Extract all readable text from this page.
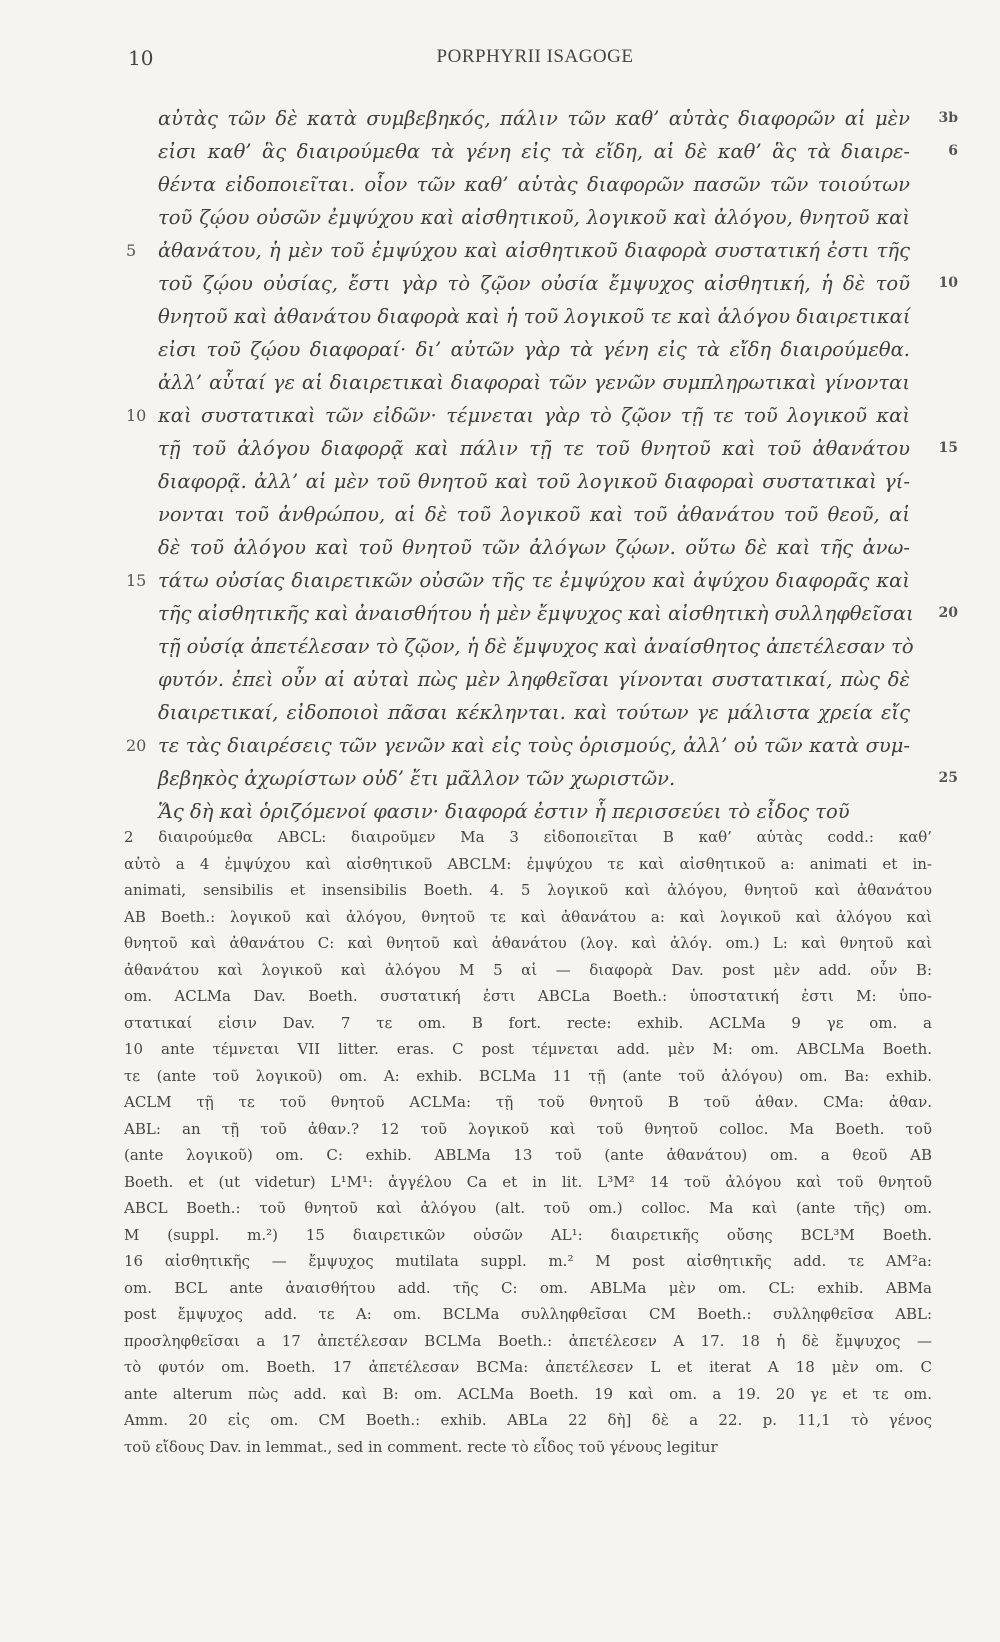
10	PORPHYRII ISAGOGE
αὐτὰς τῶν δὲ κατὰ συμβεβηκός, πάλιν τῶν καθ’ αὑτὰς διαφορῶν αἱ μὲν 3b
εἰσι καθ’ ἃς διαιρούμεθα τὰ γένη εἰς τὰ εἴδη, αἱ δὲ καθ’ ἃς τὰ διαιρε-	6
θέντα εἰδοποιεῖται. οἷον τῶν καθ’ αὑτὰς διαφορῶν πασῶν τῶν τοιούτων
τοῦ ζῴου οὐσῶν ἐμψύχου καὶ αἰσθητικοῦ, λογικοῦ καὶ ἀλόγου, θνητοῦ καὶ
5 ἀθανάτου, ἡ μὲν τοῦ ἐμψύχου καὶ αἰσθητικοῦ διαφορὰ συστατική ἐστι τῆς
τοῦ ζῴου οὐσίας, ἔστι γὰρ τὸ ζῷον οὐσία ἔμψυχος αἰσθητική, ἡ δὲ τοῦ 10
θνητοῦ καὶ ἀθανάτου διαφορὰ καὶ ἡ τοῦ λογικοῦ τε καὶ ἀλόγου διαιρετικαί
εἰσι τοῦ ζῴου διαφοραί· δι’ αὐτῶν γὰρ τὰ γένη εἰς τὰ εἴδη διαιρούμεθα.
ἀλλ’ αὗταί γε αἱ διαιρετικαὶ διαφοραὶ τῶν γενῶν συμπληρωτικαὶ γίνονται
10 καὶ συστατικαὶ τῶν εἰδῶν· τέμνεται γὰρ τὸ ζῷον τῇ τε τοῦ λογικοῦ καὶ
τῇ τοῦ ἀλόγου διαφορᾷ καὶ πάλιν τῇ τε τοῦ θνητοῦ καὶ τοῦ ἀθανάτου 15
διαφορᾷ. ἀλλ’ αἱ μὲν τοῦ θνητοῦ καὶ τοῦ λογικοῦ διαφοραὶ συστατικαὶ γί-
νονται τοῦ ἀνθρώπου, αἱ δὲ τοῦ λογικοῦ καὶ τοῦ ἀθανάτου τοῦ θεοῦ, αἱ
δὲ τοῦ ἀλόγου καὶ τοῦ θνητοῦ τῶν ἀλόγων ζῴων. οὕτω δὲ καὶ τῆς ἀνω-
15 τάτω οὐσίας διαιρετικῶν οὐσῶν τῆς τε ἐμψύχου καὶ ἀψύχου διαφορᾶς καὶ
τῆς αἰσθητικῆς καὶ ἀναισθήτου ἡ μὲν ἔμψυχος καὶ αἰσθητικὴ συλληφθεῖσαι 20
τῇ οὐσίᾳ ἀπετέλεσαν τὸ ζῷον, ἡ δὲ ἔμψυχος καὶ ἀναίσθητος ἀπετέλεσαν τὸ
φυτόν. ἐπεὶ οὖν αἱ αὐταὶ πὼς μὲν ληφθεῖσαι γίνονται συστατικαί, πὼς δὲ
διαιρετικαί, εἰδοποιοὶ πᾶσαι κέκληνται. καὶ τούτων γε μάλιστα χρεία εἴς
20 τε τὰς διαιρέσεις τῶν γενῶν καὶ εἰς τοὺς ὁρισμούς, ἀλλ’ οὐ τῶν κατὰ συμ-
βεβηκὸς ἀχωρίστων οὐδ’ ἔτι μᾶλλον τῶν χωριστῶν.	25
Ἅς δὴ καὶ ὁριζόμενοί φασιν· διαφορά ἐστιν ἧ περισσεύει τὸ εἶδος τοῦ
2 διαιρούμεθα ABCL: διαιροῦμεν Ma 3 εἰδοποιεῖται B καθ’ αὑτὰς codd.: καθ’
αὑτὸ a 4 ἐμψύχου καὶ αἰσθητικοῦ ABCLM: ἐμψύχου τε καὶ αἰσθητικοῦ a: animati et in-
animati, sensibilis et insensibilis Boeth. 4. 5 λογικοῦ καὶ ἀλόγου, θνητοῦ καὶ ἀθανάτου
AB Boeth.: λογικοῦ καὶ ἀλόγου, θνητοῦ τε καὶ ἀθανάτου a: καὶ λογικοῦ καὶ ἀλόγου καὶ
θνητοῦ καὶ ἀθανάτου C: καὶ θνητοῦ καὶ ἀθανάτου (λογ. καὶ ἀλόγ. om.) L: καὶ θνητοῦ καὶ
ἀθανάτου καὶ λογικοῦ καὶ ἀλόγου M 5 αἱ — διαφορὰ Dav. post μὲν add. οὖν B:
om. ACLMa Dav. Boeth. συστατική ἐστι ABCLa Boeth.: ὑποστατική ἐστι M: ὑπο-
στατικαί εἰσιν Dav. 7 τε om. B fort. recte: exhib. ACLMa 9 γε om. a
10 ante τέμνεται VII litter. eras. C post τέμνεται add. μὲν M: om. ABCLMa Boeth.
τε (ante τοῦ λογικοῦ) om. A: exhib. BCLMa 11 τῇ (ante τοῦ ἀλόγου) om. Ba: exhib.
ACLM τῇ τε τοῦ θνητοῦ ACLMa: τῇ τοῦ θνητοῦ B τοῦ ἀθαν. CMa: ἀθαν.
ABL: an τῇ τοῦ ἀθαν.? 12 τοῦ λογικοῦ καὶ τοῦ θνητοῦ colloc. Ma Boeth. τοῦ
(ante λογικοῦ) om. C: exhib. ABLMa 13 τοῦ (ante ἀθανάτου) om. a θεοῦ AB
Boeth. et (ut videtur) L¹M¹: ἀγγέλου Ca et in lit. L³M² 14 τοῦ ἀλόγου καὶ τοῦ θνητοῦ
ABCL Boeth.: τοῦ θνητοῦ καὶ ἀλόγου (alt. τοῦ om.) colloc. Ma καὶ (ante τῆς) om.
M (suppl. m.²) 15 διαιρετικῶν οὐσῶν AL¹: διαιρετικῆς οὔσης BCL³M Boeth.
16 αἰσθητικῆς — ἔμψυχος mutilata suppl. m.² M post αἰσθητικῆς add. τε AM²a:
om. BCL ante ἀναισθήτου add. τῆς C: om. ABLMa μὲν om. CL: exhib. ABMa
post ἔμψυχος add. τε A: om. BCLMa συλληφθεῖσαι CM Boeth.: συλληφθεῖσα ABL:
προσληφθεῖσαι a 17 ἀπετέλεσαν BCLMa Boeth.: ἀπετέλεσεν A 17. 18 ἡ δὲ ἔμψυχος —
τὸ φυτόν om. Boeth. 17 ἀπετέλεσαν BCMa: ἀπετέλεσεν L et iterat A 18 μὲν om. C
ante alterum πὼς add. καὶ B: om. ACLMa Boeth. 19 καὶ om. a 19. 20 γε et τε om.
Amm. 20 εἰς om. CM Boeth.: exhib. ABLa 22 δὴ] δὲ a 22. p. 11,1 τὸ γένος
τοῦ εἴδους Dav. in lemmat., sed in comment. recte τὸ εἶδος τοῦ γένους legitur
